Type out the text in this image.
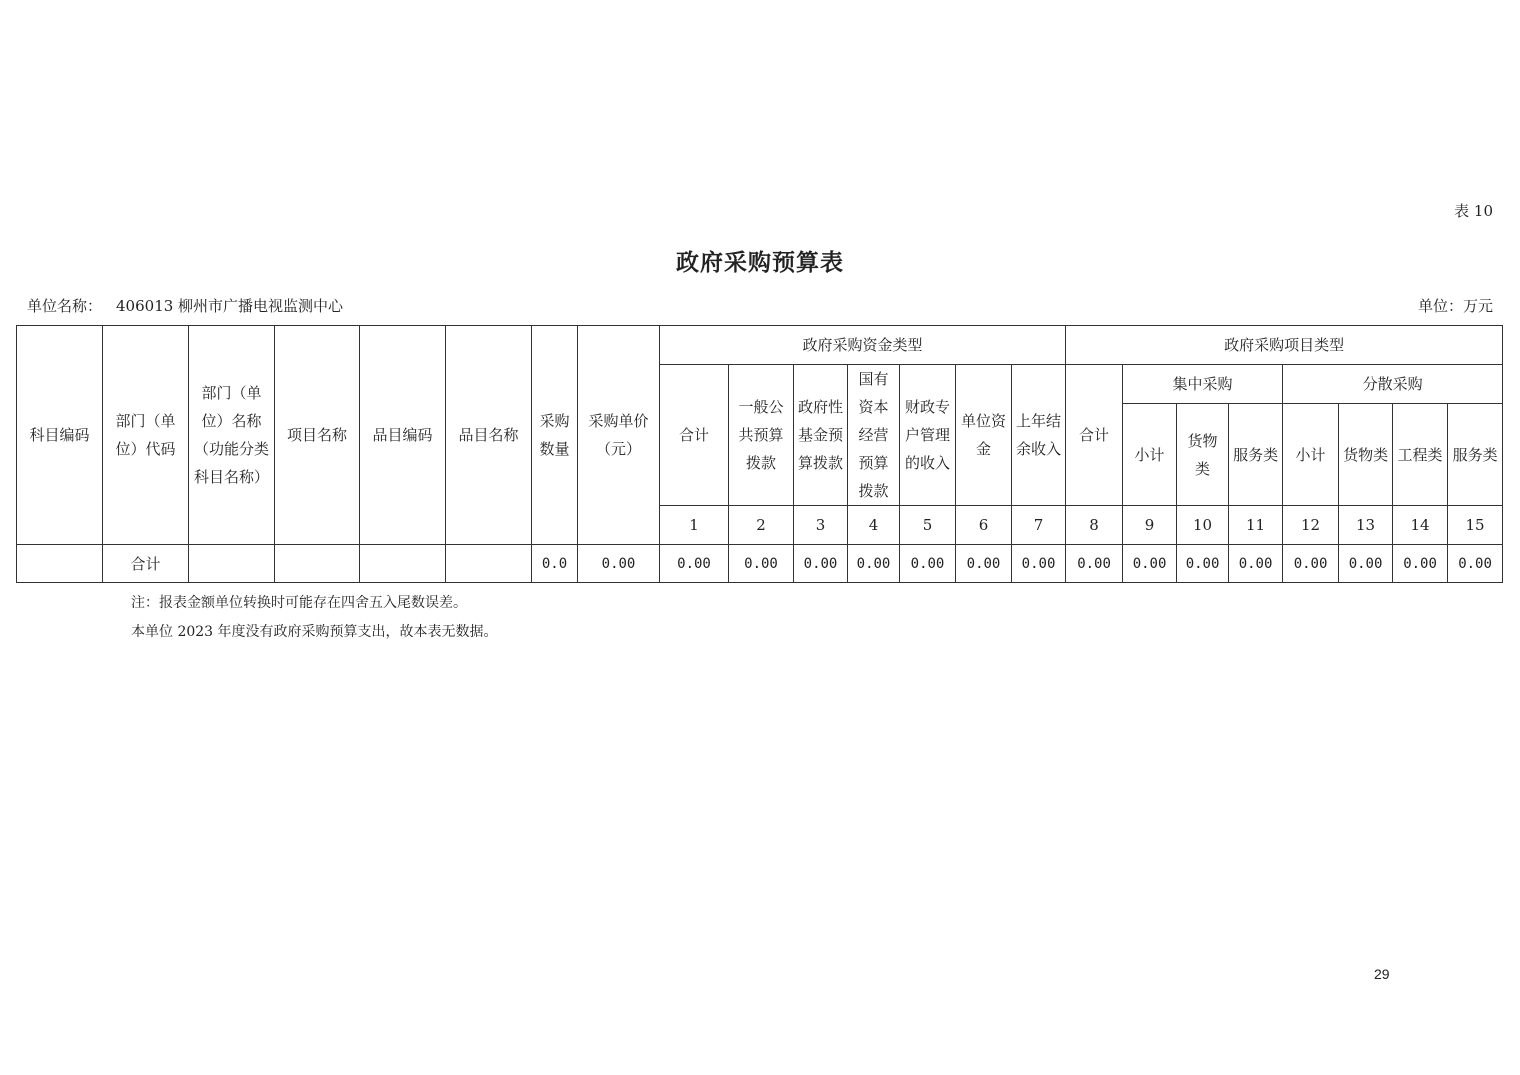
表 10
政府采购预算表
单位名称： 406013 柳州市广播电视监测中心	单位：万元
科目编码	部门（单位）代码	部门（单位）名称（功能分类科目名称）	项目名称	品目编码	品目名称	采购数量	采购单价（元）	政府采购资金类型							政府采购项目类型							
								合计	一般公共预算拨款	政府性基金预算拨款	国有资本经营预算拨款	财政专户管理的收入	单位资金	上年结余收入	合计	集中采购			分散采购			
																小计	货物类	服务类	小计	货物类	工程类	服务类
								1	2	3	4	5	6	7	8	9	10	11	12	13	14	15
	合计					0.0	0.00	0.00	0.00	0.00	0.00	0.00	0.00	0.00	0.00	0.00	0.00	0.00	0.00	0.00	0.00	0.00
注：报表金额单位转换时可能存在四舍五入尾数误差。
本单位 2023 年度没有政府采购预算支出，故本表无数据。
29
